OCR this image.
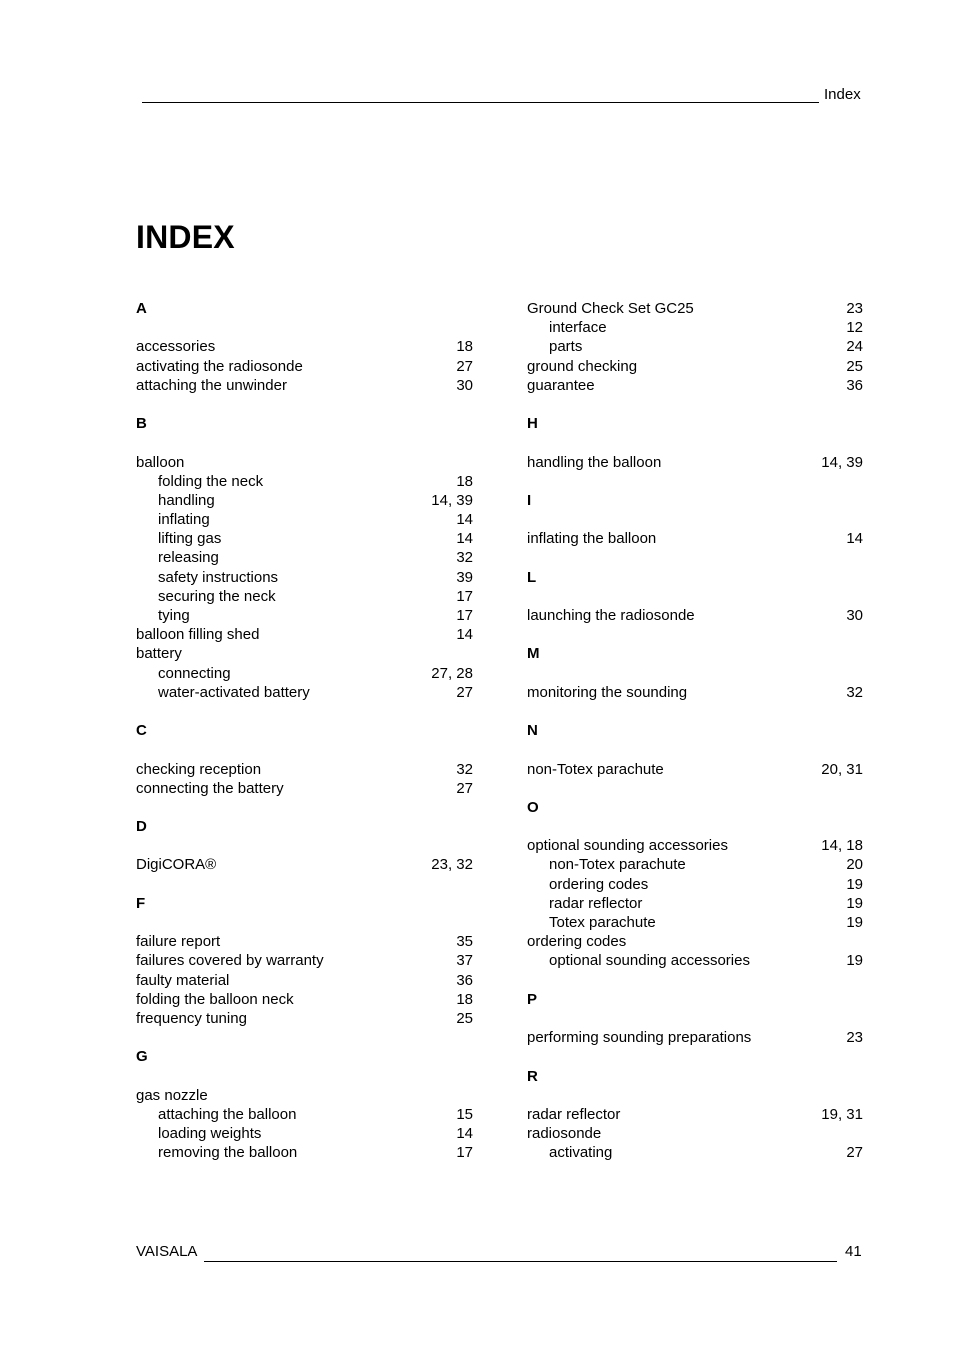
Index
INDEX
A
accessories	18
activating the radiosonde	27
attaching the unwinder	30
B
balloon
folding the neck	18
handling	14, 39
inflating	14
lifting gas	14
releasing	32
safety instructions	39
securing the neck	17
tying	17
balloon filling shed	14
battery
connecting	27, 28
water-activated battery	27
C
checking reception	32
connecting the battery	27
D
DigiCORA®	23, 32
F
failure report	35
failures covered by warranty	37
faulty material	36
folding the balloon neck	18
frequency tuning	25
G
gas nozzle
attaching the balloon	15
loading weights	14
removing the balloon	17
Ground Check Set GC25	23
interface	12
parts	24
ground checking	25
guarantee	36
H
handling the balloon	14, 39
I
inflating the balloon	14
L
launching the radiosonde	30
M
monitoring the sounding	32
N
non-Totex parachute	20, 31
O
optional sounding accessories	14, 18
non-Totex parachute	20
ordering codes	19
radar reflector	19
Totex parachute	19
ordering codes
optional sounding accessories	19
P
performing sounding preparations	23
R
radar reflector	19, 31
radiosonde
activating	27
VAISALA	41
